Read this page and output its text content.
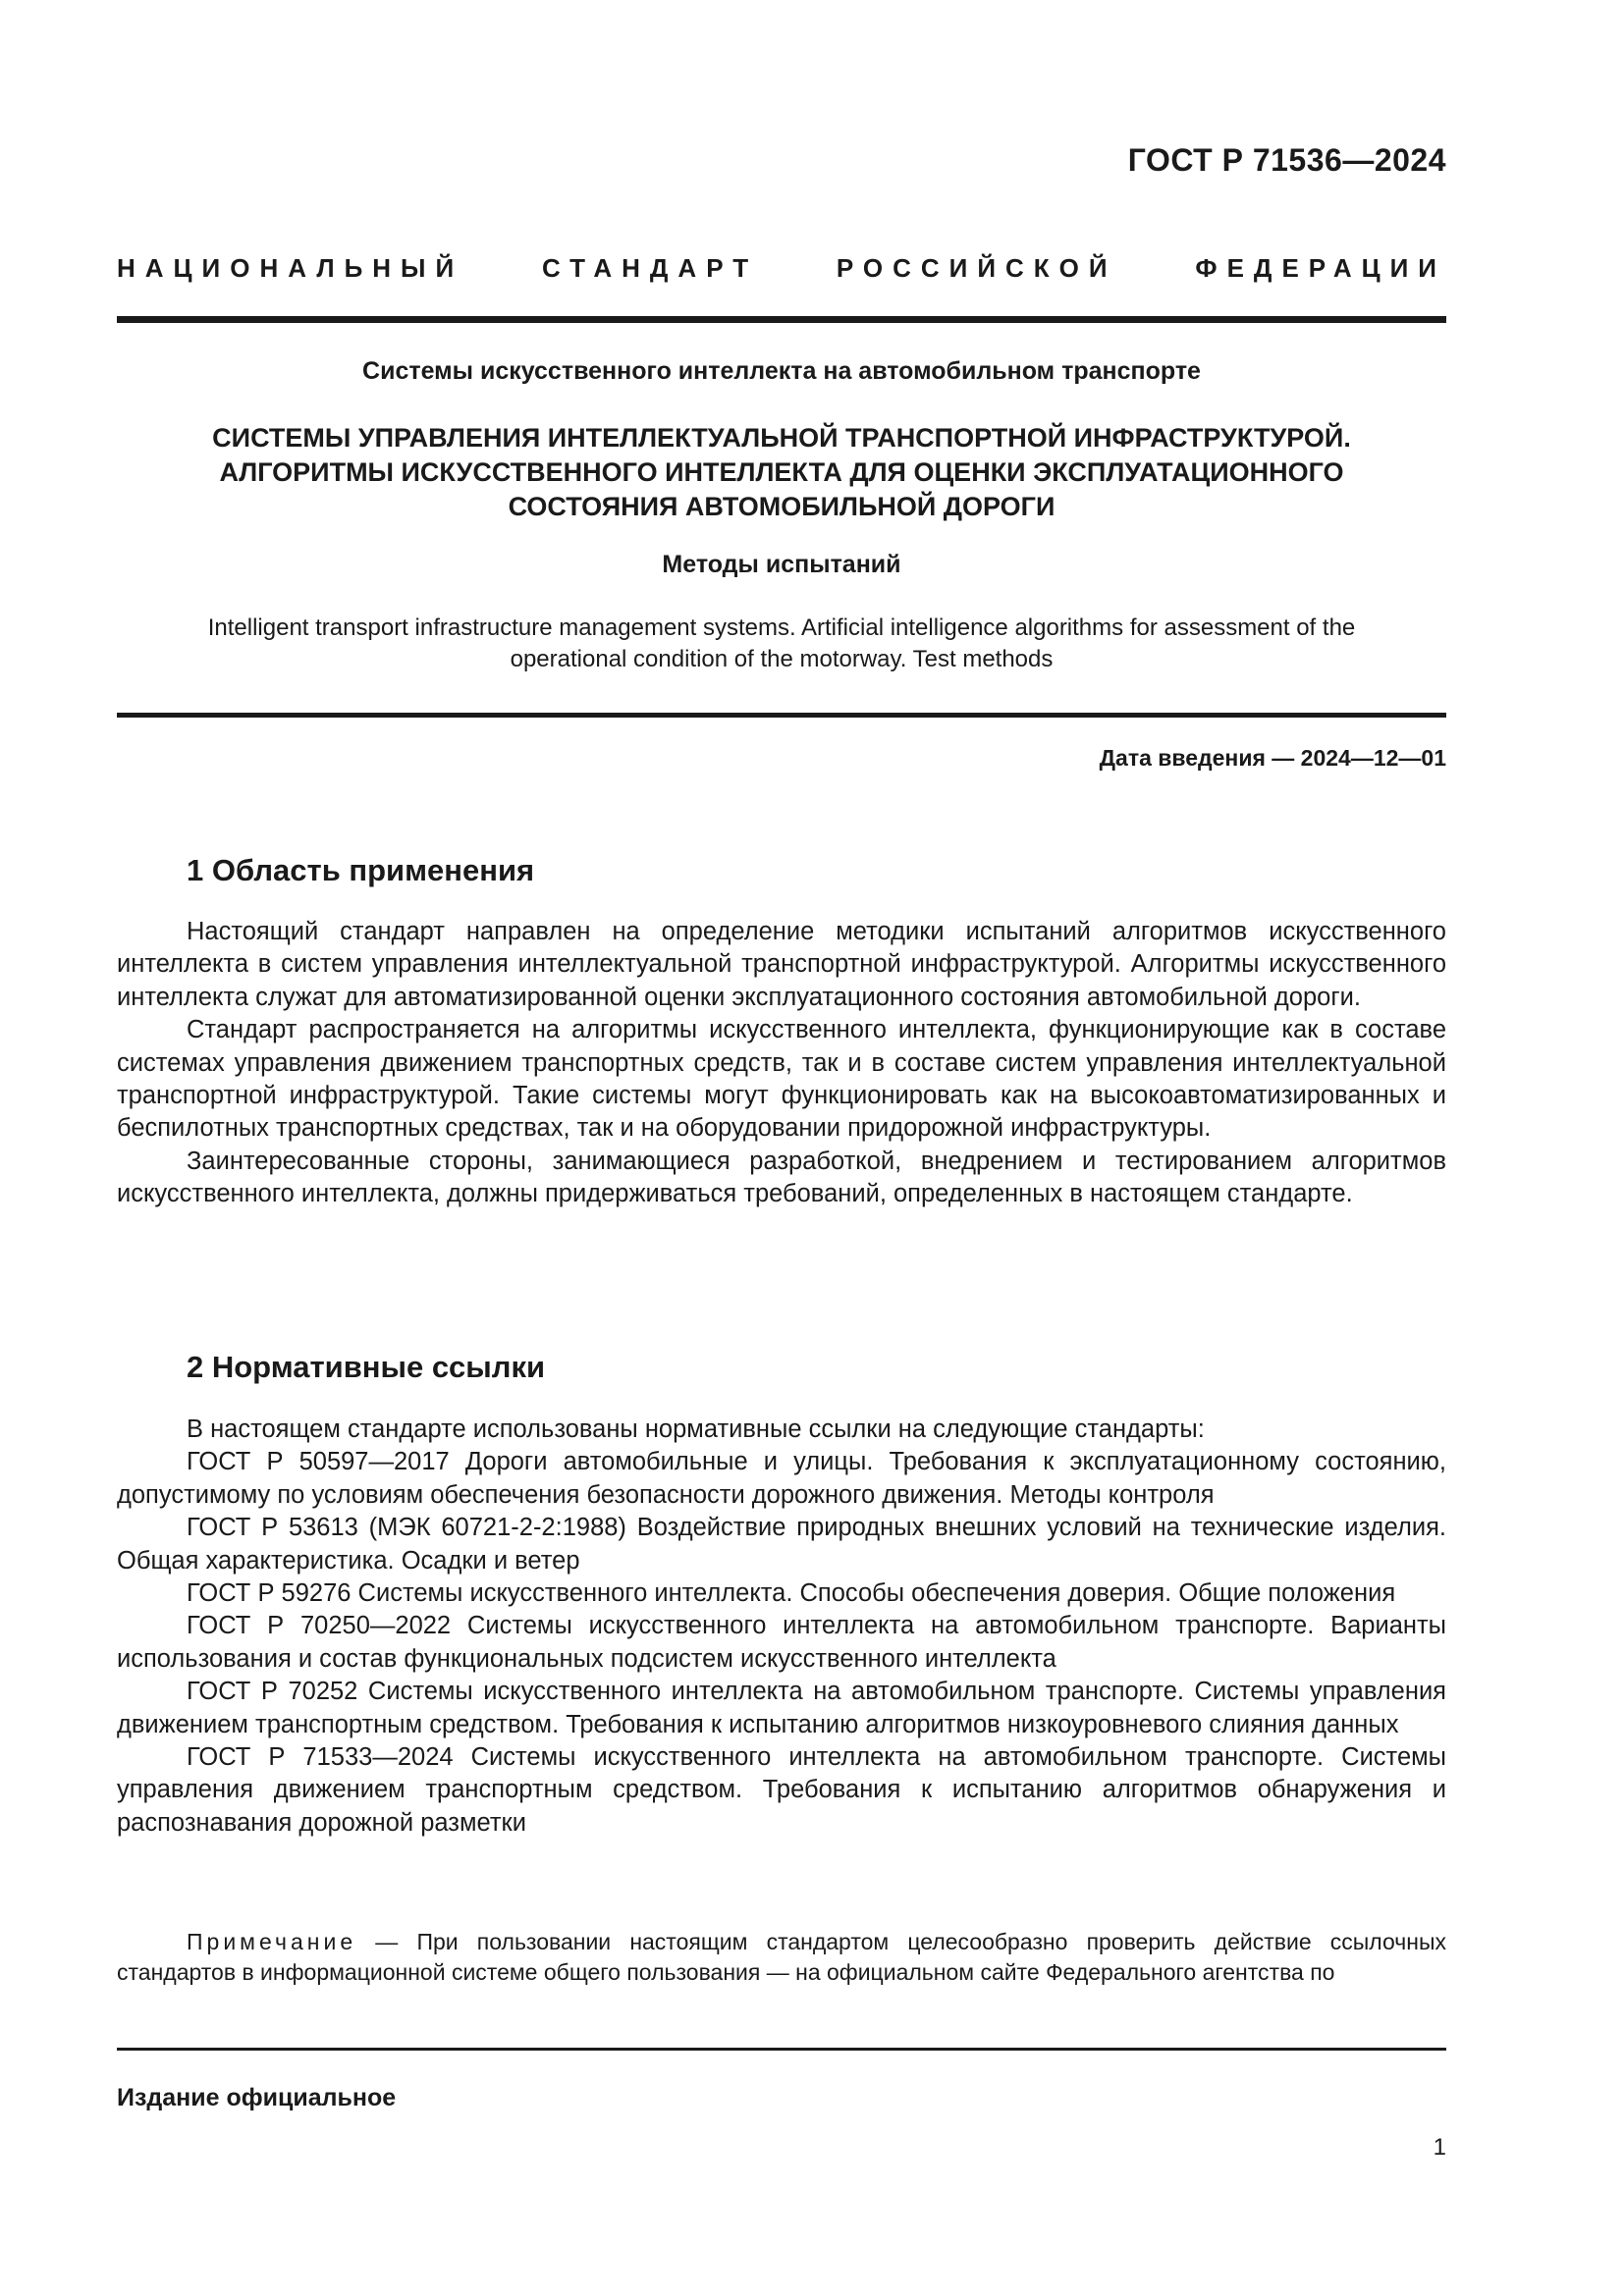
ГОСТ Р 71536—2024
НАЦИОНАЛЬНЫЙ СТАНДАРТ РОССИЙСКОЙ ФЕДЕРАЦИИ
Системы искусственного интеллекта на автомобильном транспорте
СИСТЕМЫ УПРАВЛЕНИЯ ИНТЕЛЛЕКТУАЛЬНОЙ ТРАНСПОРТНОЙ ИНФРАСТРУКТУРОЙ.
АЛГОРИТМЫ ИСКУССТВЕННОГО ИНТЕЛЛЕКТА ДЛЯ ОЦЕНКИ ЭКСПЛУАТАЦИОННОГО
СОСТОЯНИЯ АВТОМОБИЛЬНОЙ ДОРОГИ
Методы испытаний
Intelligent transport infrastructure management systems. Artificial intelligence algorithms for assessment of the
operational condition of the motorway. Test methods
Дата введения — 2024—12—01
1 Область применения

Настоящий стандарт направлен на определение методики испытаний алгоритмов искусственного интеллекта в систем управления интеллектуальной транспортной инфраструктурой. Алгоритмы искусственного интеллекта служат для автоматизированной оценки эксплуатационного состояния автомобильной дороги.

Стандарт распространяется на алгоритмы искусственного интеллекта, функционирующие как в составе системах управления движением транспортных средств, так и в составе систем управления интеллектуальной транспортной инфраструктурой. Такие системы могут функционировать как на высокоавтоматизированных и беспилотных транспортных средствах, так и на оборудовании придорожной инфраструктуры.

Заинтересованные стороны, занимающиеся разработкой, внедрением и тестированием алгоритмов искусственного интеллекта, должны придерживаться требований, определенных в настоящем стандарте.

2 Нормативные ссылки

В настоящем стандарте использованы нормативные ссылки на следующие стандарты:

ГОСТ Р 50597—2017 Дороги автомобильные и улицы. Требования к эксплуатационному состоянию, допустимому по условиям обеспечения безопасности дорожного движения. Методы контроля

ГОСТ Р 53613 (МЭК 60721-2-2:1988) Воздействие природных внешних условий на технические изделия. Общая характеристика. Осадки и ветер

ГОСТ Р 59276 Системы искусственного интеллекта. Способы обеспечения доверия. Общие положения

ГОСТ Р 70250—2022 Системы искусственного интеллекта на автомобильном транспорте. Варианты использования и состав функциональных подсистем искусственного интеллекта

ГОСТ Р 70252 Системы искусственного интеллекта на автомобильном транспорте. Системы управления движением транспортным средством. Требования к испытанию алгоритмов низкоуровневого слияния данных

ГОСТ Р 71533—2024 Системы искусственного интеллекта на автомобильном транспорте. Системы управления движением транспортным средством. Требования к испытанию алгоритмов обнаружения и распознавания дорожной разметки

Примечание — При пользовании настоящим стандартом целесообразно проверить действие ссылочных стандартов в информационной системе общего пользования — на официальном сайте Федерального агентства по

Издание официальное
1
